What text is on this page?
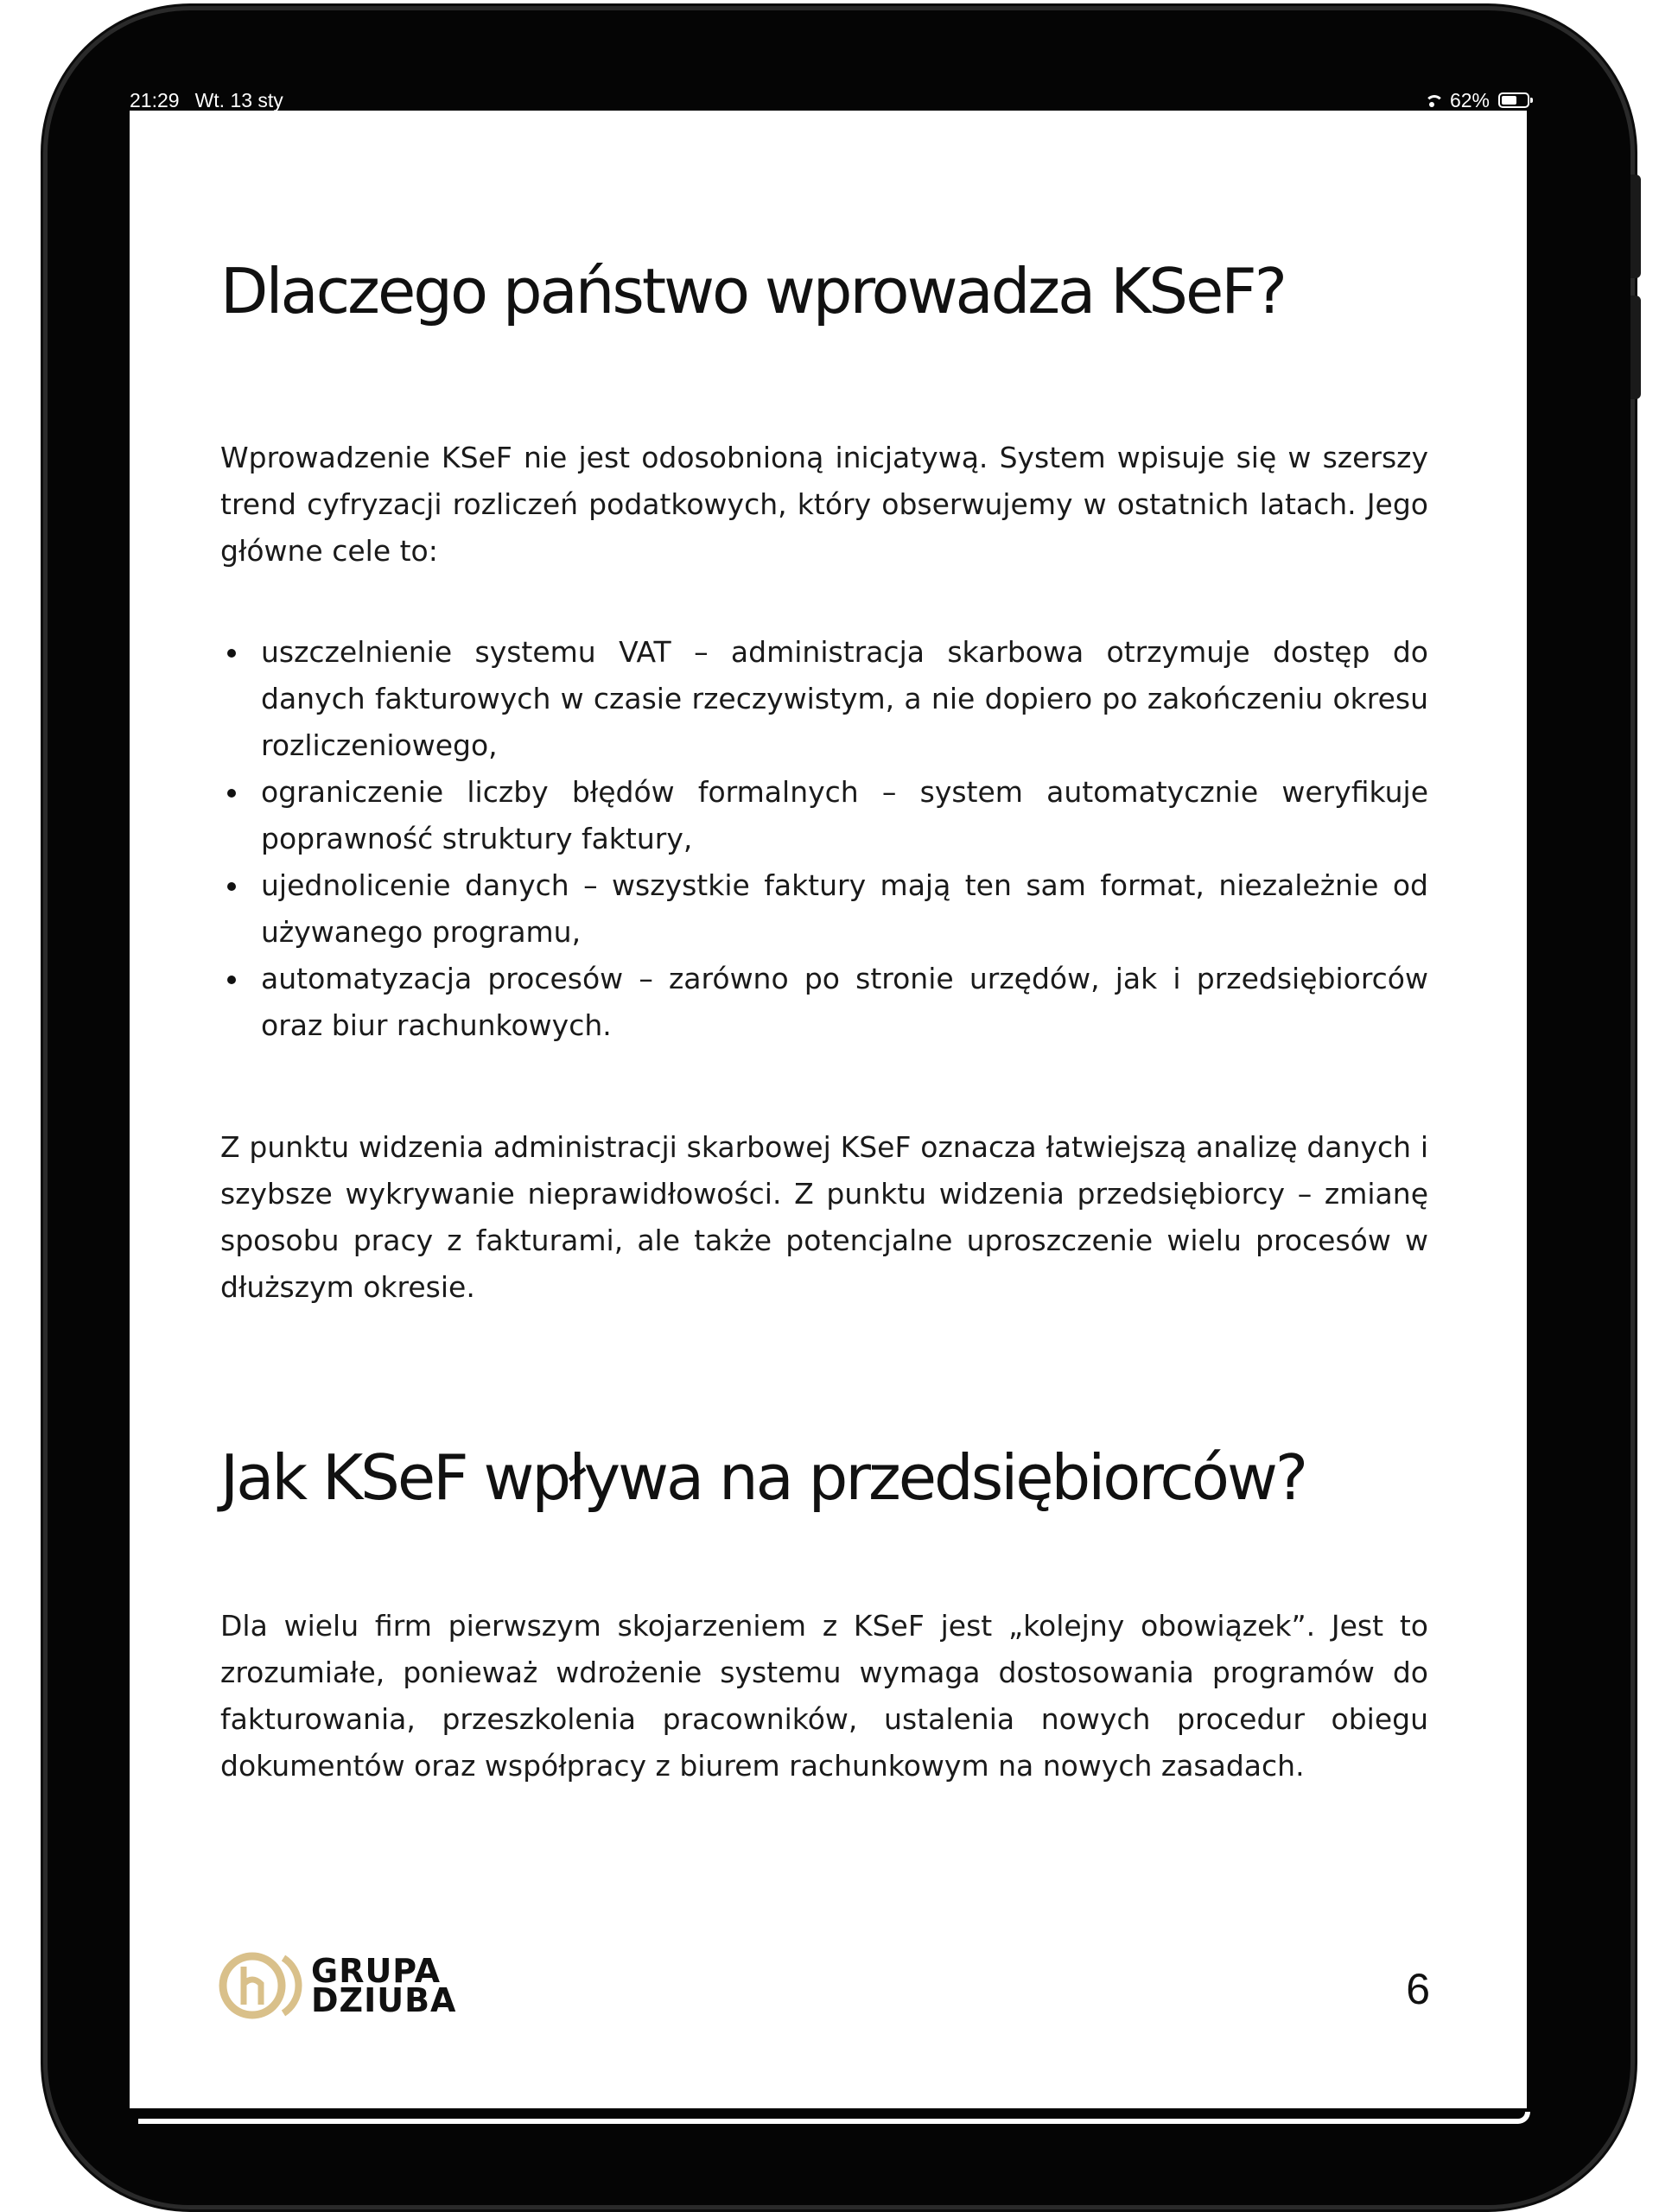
21:29 Wt. 13 sty	62%
Dlaczego państwo wprowadza KSeF?

Wprowadzenie KSeF nie jest odosobnioną inicjatywą. System wpisuje się w szerszy trend cyfryzacji rozliczeń podatkowych, który obserwujemy w ostatnich latach. Jego główne cele to:

uszczelnienie systemu VAT – administracja skarbowa otrzymuje dostęp do danych fakturowych w czasie rzeczywistym, a nie dopiero po zakończeniu okresu rozliczeniowego,
ograniczenie liczby błędów formalnych – system automatycznie weryfikuje poprawność struktury faktury,
ujednolicenie danych – wszystkie faktury mają ten sam format, niezależnie od używanego programu,
automatyzacja procesów – zarówno po stronie urzędów, jak i przedsiębiorców oraz biur rachunkowych.

Z punktu widzenia administracji skarbowej KSeF oznacza łatwiejszą analizę danych i szybsze wykrywanie nieprawidłowości. Z punktu widzenia przedsiębiorcy – zmianę sposobu pracy z fakturami, ale także potencjalne uproszczenie wielu procesów w dłuższym okresie.

Jak KSeF wpływa na przedsiębiorców?

Dla wielu firm pierwszym skojarzeniem z KSeF jest „kolejny obowiązek”. Jest to zrozumiałe, ponieważ wdrożenie systemu wymaga dostosowania programów do fakturowania, przeszkolenia pracowników, ustalenia nowych procedur obiegu dokumentów oraz współpracy z biurem rachunkowym na nowych zasadach.

GRUPA
DZIUBA	6
